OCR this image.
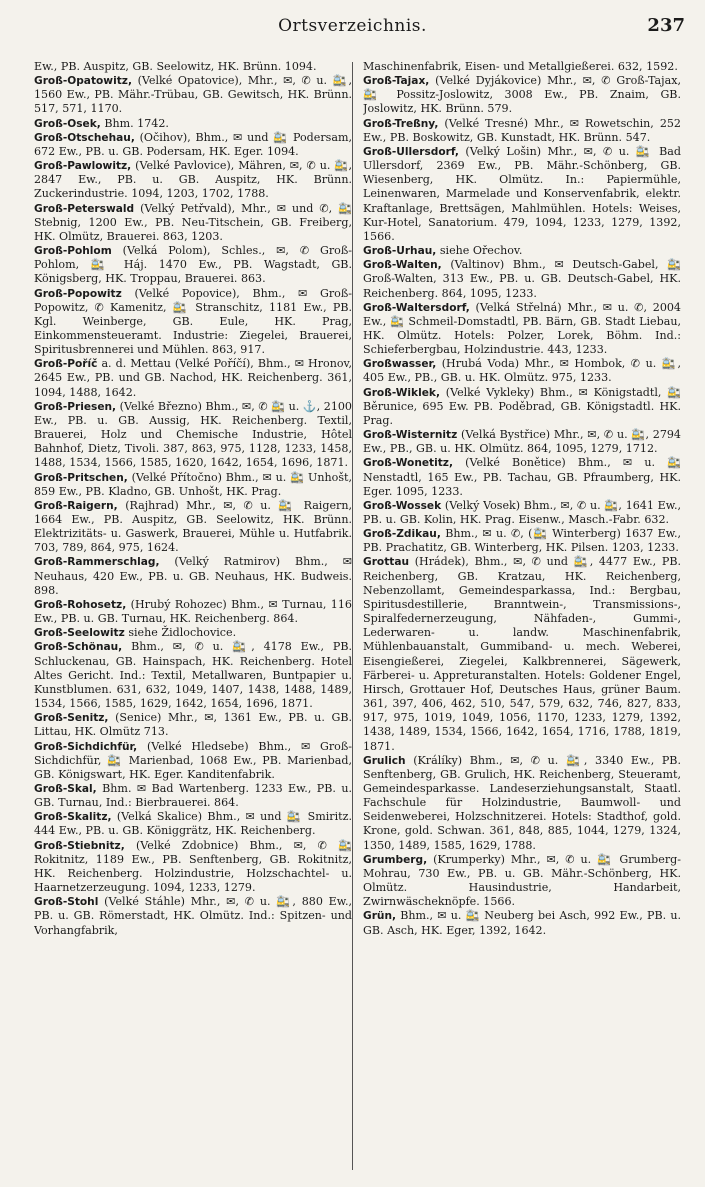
Ortsverzeichnis.	237
Ew., PB. Auspitz, GB. Seelowitz, HK. Brünn. 1094.
Groß-Opatowitz, (Velké Opatovice), Mhr., ✉, ✆ u. 🚉, 1560 Ew., PB. Mähr.-Trübau, GB. Gewitsch, HK. Brünn. 517, 571, 1170.
Groß-Osek, Bhm. 1742.
Groß-Otschehau, (Očihov), Bhm., ✉ und 🚉 Podersam, 672 Ew., PB. u. GB. Podersam, HK. Eger. 1094.
Groß-Pawlowitz, (Velké Pavlovice), Mähren, ✉, ✆ u. 🚉, 2847 Ew., PB. u. GB. Auspitz, HK. Brünn. Zuckerindustrie. 1094, 1203, 1702, 1788.
Groß-Peterswald (Velký Petřvald), Mhr., ✉ und ✆, 🚉 Stebnig, 1200 Ew., PB. Neu-Titschein, GB. Freiberg, HK. Olmütz, Brauerei. 863, 1203.
Groß-Pohlom (Velká Polom), Schles., ✉, ✆ Groß-Pohlom, 🚉 Háj. 1470 Ew., PB. Wagstadt, GB. Königsberg, HK. Troppau, Brauerei. 863.
Groß-Popowitz (Velké Popovice), Bhm., ✉ Groß-Popowitz, ✆ Kamenitz, 🚉 Stranschitz, 1181 Ew., PB. Kgl. Weinberge, GB. Eule, HK. Prag, Einkommensteueramt. Industrie: Ziegelei, Brauerei, Spiritusbrennerei und Mühlen. 863, 917.
Groß-Poříč a. d. Mettau (Velké Poříčí), Bhm., ✉ Hronov, 2645 Ew., PB. und GB. Nachod, HK. Reichenberg. 361, 1094, 1488, 1642.
Groß-Priesen, (Velké Březno) Bhm., ✉, ✆ 🚉 u. ⚓, 2100 Ew., PB. u. GB. Aussig, HK. Reichenberg. Textil, Brauerei, Holz und Chemische Industrie, Hôtel Bahnhof, Dietz, Tivoli. 387, 863, 975, 1128, 1233, 1458, 1488, 1534, 1566, 1585, 1620, 1642, 1654, 1696, 1871.
Groß-Pritschen, (Velké Přítočno) Bhm., ✉ u. 🚉 Unhošt, 859 Ew., PB. Kladno, GB. Unhošt, HK. Prag.
Groß-Raigern, (Rajhrad) Mhr., ✉, ✆ u. 🚉 Raigern, 1664 Ew., PB. Auspitz, GB. Seelowitz, HK. Brünn. Elektrizitäts- u. Gaswerk, Brauerei, Mühle u. Hutfabrik. 703, 789, 864, 975, 1624.
Groß-Rammerschlag, (Velký Ratmirov) Bhm., ✉ Neuhaus, 420 Ew., PB. u. GB. Neuhaus, HK. Budweis. 898.
Groß-Rohosetz, (Hrubý Rohozec) Bhm., ✉ Turnau, 116 Ew., PB. u. GB. Turnau, HK. Reichenberg. 864.
Groß-Seelowitz siehe Židlochovice.
Groß-Schönau, Bhm., ✉, ✆ u. 🚉, 4178 Ew., PB. Schluckenau, GB. Hainspach, HK. Reichenberg. Hotel Altes Gericht. Ind.: Textil, Metallwaren, Buntpapier u. Kunstblumen. 631, 632, 1049, 1407, 1438, 1488, 1489, 1534, 1566, 1585, 1629, 1642, 1654, 1696, 1871.
Groß-Senitz, (Senice) Mhr., ✉, 1361 Ew., PB. u. GB. Littau, HK. Olmütz 713.
Groß-Sichdichfür, (Velké Hledsebe) Bhm., ✉ Groß-Sichdichfür, 🚉 Marienbad, 1068 Ew., PB. Marienbad, GB. Königswart, HK. Eger. Kanditenfabrik.
Groß-Skal, Bhm. ✉ Bad Wartenberg. 1233 Ew., PB. u. GB. Turnau, Ind.: Bierbrauerei. 864.
Groß-Skalitz, (Velká Skalice) Bhm., ✉ und 🚉 Smiritz. 444 Ew., PB. u. GB. Königgrätz, HK. Reichenberg.
Groß-Stiebnitz, (Velké Zdobnice) Bhm., ✉, ✆ 🚉 Rokitnitz, 1189 Ew., PB. Senftenberg, GB. Rokitnitz, HK. Reichenberg. Holzindustrie, Holzschachtel- u. Haarnetzerzeugung. 1094, 1233, 1279.
Groß-Stohl (Velké Stáhle) Mhr., ✉, ✆ u. 🚉, 880 Ew., PB. u. GB. Römerstadt, HK. Olmütz. Ind.: Spitzen- und Vorhangfabrik,
Maschinenfabrik, Eisen- und Metallgießerei. 632, 1592.
Groß-Tajax, (Velké Dyjákovice) Mhr., ✉, ✆ Groß-Tajax, 🚉 Possitz-Joslowitz, 3008 Ew., PB. Znaim, GB. Joslowitz, HK. Brünn. 579.
Groß-Treßny, (Velké Tresné) Mhr., ✉ Rowetschin, 252 Ew., PB. Boskowitz, GB. Kunstadt, HK. Brünn. 547.
Groß-Ullersdorf, (Velký Lošin) Mhr., ✉, ✆ u. 🚉 Bad Ullersdorf, 2369 Ew., PB. Mähr.-Schönberg, GB. Wiesenberg, HK. Olmütz. In.: Papiermühle, Leinenwaren, Marmelade und Konservenfabrik, elektr. Kraftanlage, Brettsägen, Mahlmühlen. Hotels: Weises, Kur-Hotel, Sanatorium. 479, 1094, 1233, 1279, 1392, 1566.
Groß-Urhau, siehe Ořechov.
Groß-Walten, (Valtinov) Bhm., ✉ Deutsch-Gabel, 🚉 Groß-Walten, 313 Ew., PB. u. GB. Deutsch-Gabel, HK. Reichenberg. 864, 1095, 1233.
Groß-Waltersdorf, (Velká Střelná) Mhr., ✉ u. ✆, 2004 Ew., 🚉 Schmeil-Domstadtl, PB. Bärn, GB. Stadt Liebau, HK. Olmütz. Hotels: Polzer, Lorek, Böhm. Ind.: Schieferbergbau, Holzindustrie. 443, 1233.
Großwasser, (Hrubá Voda) Mhr., ✉ Hombok, ✆ u. 🚉, 405 Ew., PB., GB. u. HK. Olmütz. 975, 1233.
Groß-Wiklek, (Velké Vykleky) Bhm., ✉ Königstadtl, 🚉 Běrunice, 695 Ew. PB. Poděbrad, GB. Königstadtl. HK. Prag.
Groß-Wisternitz (Velká Bystřice) Mhr., ✉, ✆ u. 🚉, 2794 Ew., PB., GB. u. HK. Olmütz. 864, 1095, 1279, 1712.
Groß-Wonetitz, (Velké Bonětice) Bhm., ✉ u. 🚉 Nenstadtl, 165 Ew., PB. Tachau, GB. Pfraumberg, HK. Eger. 1095, 1233.
Groß-Wossek (Velký Vosek) Bhm., ✉, ✆ u. 🚉, 1641 Ew., PB. u. GB. Kolin, HK. Prag. Eisenw., Masch.-Fabr. 632.
Groß-Zdikau, Bhm., ✉ u. ✆, (🚉 Winterberg) 1637 Ew., PB. Prachatitz, GB. Winterberg, HK. Pilsen. 1203, 1233.
Grottau (Hrádek), Bhm., ✉, ✆ und 🚉, 4477 Ew., PB. Reichenberg, GB. Kratzau, HK. Reichenberg, Nebenzollamt, Gemeindesparkassa, Ind.: Bergbau, Spiritusdestillerie, Branntwein-, Transmissions-, Spiralfedernerzeugung, Nähfaden-, Gummi-, Lederwaren- u. landw. Maschinenfabrik, Mühlenbauanstalt, Gummiband- u. mech. Weberei, Eisengießerei, Ziegelei, Kalkbrennerei, Sägewerk, Färberei- u. Appreturanstalten. Hotels: Goldener Engel, Hirsch, Grottauer Hof, Deutsches Haus, grüner Baum. 361, 397, 406, 462, 510, 547, 579, 632, 746, 827, 833, 917, 975, 1019, 1049, 1056, 1170, 1233, 1279, 1392, 1438, 1489, 1534, 1566, 1642, 1654, 1716, 1788, 1819, 1871.
Grulich (Králíky) Bhm., ✉, ✆ u. 🚉, 3340 Ew., PB. Senftenberg, GB. Grulich, HK. Reichenberg, Steueramt, Gemeindesparkasse. Landeserziehungsanstalt, Staatl. Fachschule für Holzindustrie, Baumwoll- und Seidenweberei, Holzschnitzerei. Hotels: Stadthof, gold. Krone, gold. Schwan. 361, 848, 885, 1044, 1279, 1324, 1350, 1489, 1585, 1629, 1788.
Grumberg, (Krumperky) Mhr., ✉, ✆ u. 🚉 Grumberg-Mohrau, 730 Ew., PB. u. GB. Mähr.-Schönberg, HK. Olmütz. Hausindustrie, Handarbeit, Zwirnwäscheknöpfe. 1566.
Grün, Bhm., ✉ u. 🚉 Neuberg bei Asch, 992 Ew., PB. u. GB. Asch, HK. Eger, 1392, 1642.
